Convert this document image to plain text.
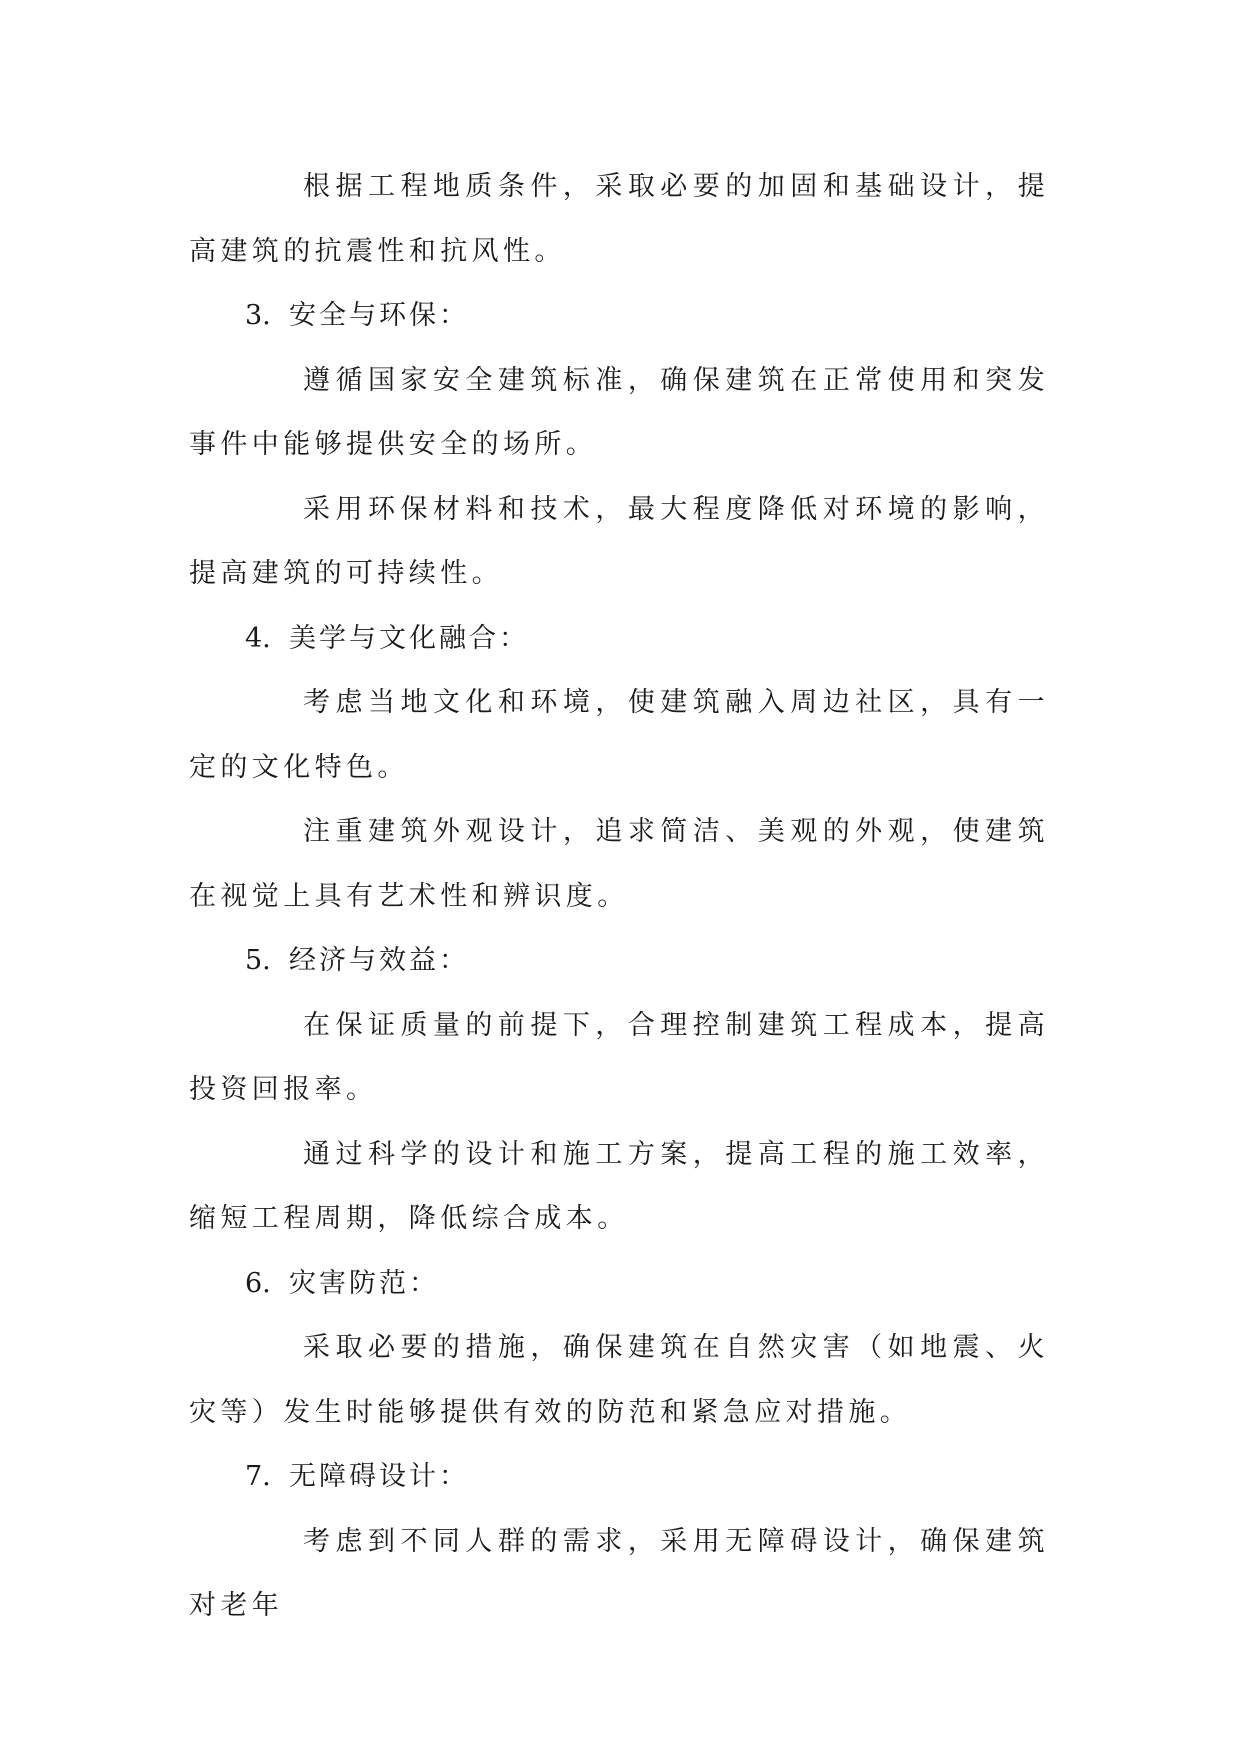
根据工程地质条件，采取必要的加固和基础设计，提高建筑的抗震性和抗风性。

3. 安全与环保：

遵循国家安全建筑标准，确保建筑在正常使用和突发事件中能够提供安全的场所。

采用环保材料和技术，最大程度降低对环境的影响，提高建筑的可持续性。

4. 美学与文化融合：

考虑当地文化和环境，使建筑融入周边社区，具有一定的文化特色。

注重建筑外观设计，追求简洁、美观的外观，使建筑在视觉上具有艺术性和辨识度。

5. 经济与效益：

在保证质量的前提下，合理控制建筑工程成本，提高投资回报率。

通过科学的设计和施工方案，提高工程的施工效率，缩短工程周期，降低综合成本。

6. 灾害防范：

采取必要的措施，确保建筑在自然灾害（如地震、火灾等）发生时能够提供有效的防范和紧急应对措施。

7. 无障碍设计：

考虑到不同人群的需求，采用无障碍设计，确保建筑对老年
